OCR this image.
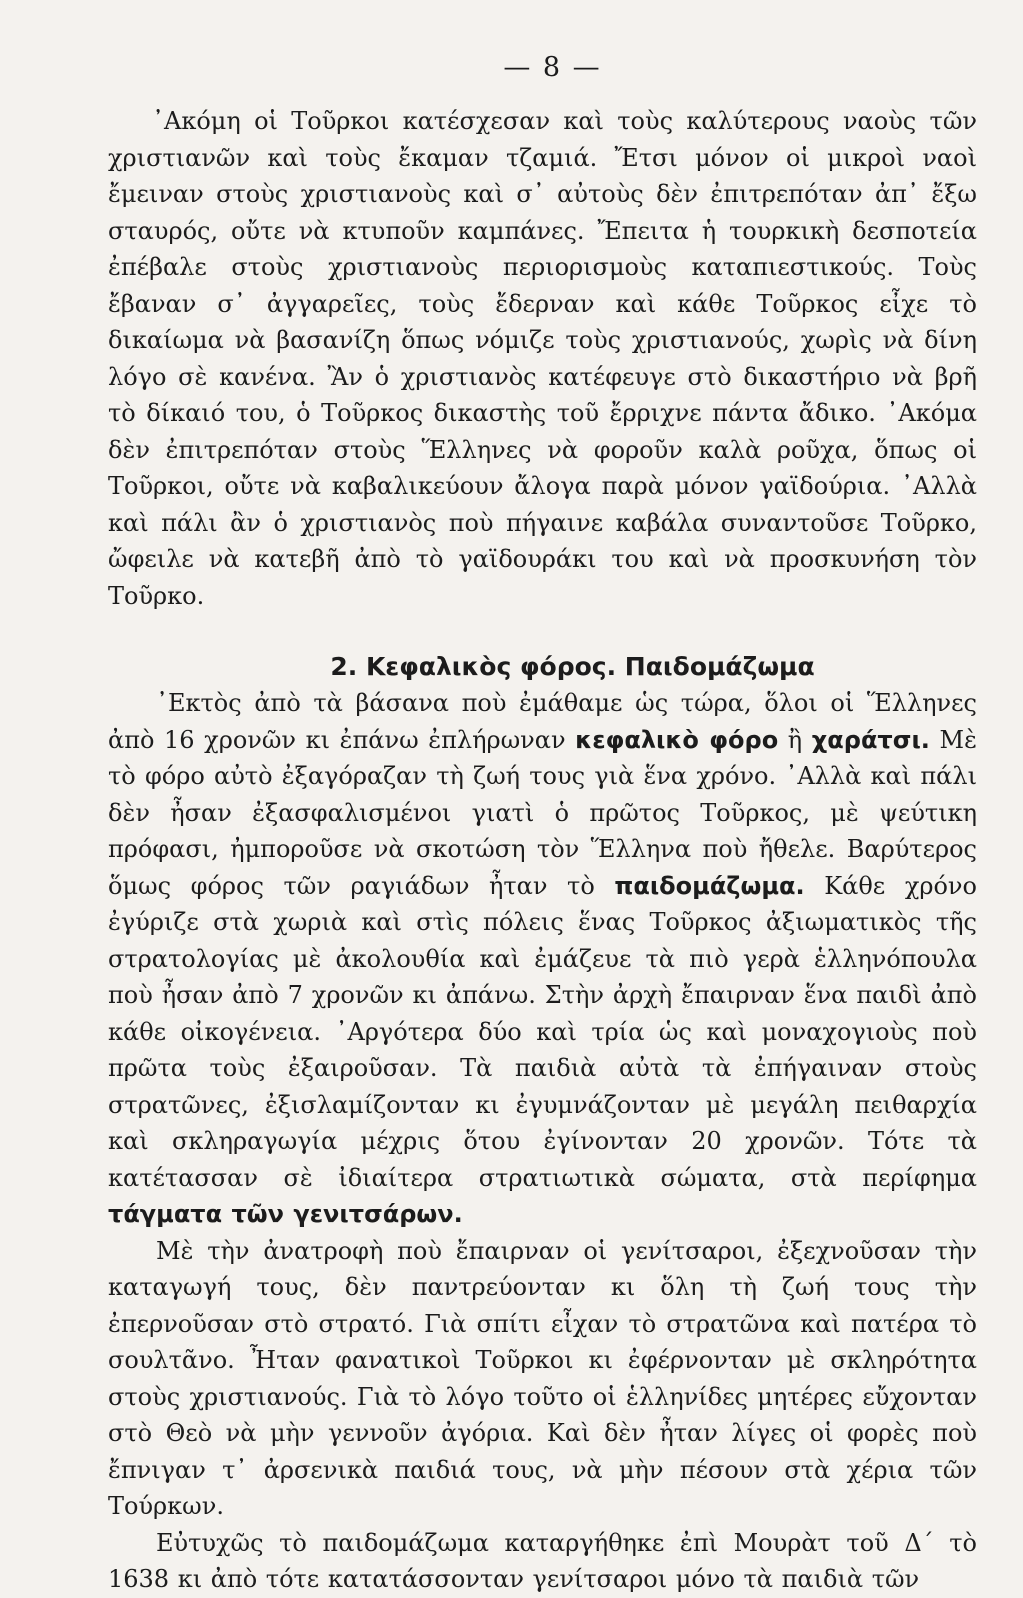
— 8 —

᾿Ακόμη οἱ Τοῦρκοι κατέσχεσαν καὶ τοὺς καλύτερους ναοὺς τῶν χριστιανῶν καὶ τοὺς ἔκαμαν τζαμιά. Ἔτσι μόνον οἱ μικροὶ ναοὶ ἔμειναν στοὺς χριστιανοὺς καὶ σ᾿ αὐτοὺς δὲν ἐπιτρεπόταν ἀπ᾿ ἔξω σταυρός, οὔτε νὰ κτυποῦν καμπάνες. Ἔπειτα ἡ τουρκικὴ δεσποτεία ἐπέβαλε στοὺς χριστιανοὺς περιορισμοὺς καταπιεστικούς. Τοὺς ἔβαναν σ᾿ ἀγγαρεῖες, τοὺς ἔδερναν καὶ κάθε Τοῦρκος εἶχε τὸ δικαίωμα νὰ βασανίζη ὅπως νόμιζε τοὺς χριστιανούς, χωρὶς νὰ δίνη λόγο σὲ κανένα. Ἂν ὁ χριστιανὸς κατέφευγε στὸ δικαστήριο νὰ βρῆ τὸ δίκαιό του, ὁ Τοῦρκος δικαστὴς τοῦ ἔρριχνε πάντα ἄδικο. ᾿Ακόμα δὲν ἐπιτρεπόταν στοὺς Ἕλληνες νὰ φοροῦν καλὰ ροῦχα, ὅπως οἱ Τοῦρκοι, οὔτε νὰ καβαλικεύουν ἄλογα παρὰ μόνον γαϊδούρια. ᾿Αλλὰ καὶ πάλι ἂν ὁ χριστιανὸς ποὺ πήγαινε καβάλα συναντοῦσε Τοῦρκο, ὤφειλε νὰ κατεβῆ ἀπὸ τὸ γαϊδουράκι του καὶ νὰ προσκυνήση τὸν Τοῦρκο.

2. Κεφαλικὸς φόρος. Παιδομάζωμα

᾿Εκτὸς ἀπὸ τὰ βάσανα ποὺ ἐμάθαμε ὡς τώρα, ὅλοι οἱ Ἕλληνες ἀπὸ 16 χρονῶν κι ἐπάνω ἐπλήρωναν κεφαλικὸ φόρο ἢ χαράτσι. Μὲ τὸ φόρο αὐτὸ ἐξαγόραζαν τὴ ζωή τους γιὰ ἕνα χρόνο. ᾿Αλλὰ καὶ πάλι δὲν ἦσαν ἐξασφαλισμένοι γιατὶ ὁ πρῶτος Τοῦρκος, μὲ ψεύτικη πρόφασι, ἠμποροῦσε νὰ σκοτώση τὸν Ἕλληνα ποὺ ἤθελε. Βαρύτερος ὅμως φόρος τῶν ραγιάδων ἦταν τὸ παιδομάζωμα. Κάθε χρόνο ἐγύριζε στὰ χωριὰ καὶ στὶς πόλεις ἕνας Τοῦρκος ἀξιωματικὸς τῆς στρατολογίας μὲ ἀκολουθία καὶ ἐμάζευε τὰ πιὸ γερὰ ἑλληνόπουλα ποὺ ἦσαν ἀπὸ 7 χρονῶν κι ἀπάνω. Στὴν ἀρχὴ ἔπαιρναν ἕνα παιδὶ ἀπὸ κάθε οἰκογένεια. ᾿Αργότερα δύο καὶ τρία ὡς καὶ μοναχογιοὺς ποὺ πρῶτα τοὺς ἐξαιροῦσαν. Τὰ παιδιὰ αὐτὰ τὰ ἐπήγαιναν στοὺς στρατῶνες, ἐξισλαμίζονταν κι ἐγυμνάζονταν μὲ μεγάλη πειθαρχία καὶ σκληραγωγία μέχρις ὅτου ἐγίνονταν 20 χρονῶν. Τότε τὰ κατέτασσαν σὲ ἰδιαίτερα στρατιωτικὰ σώματα, στὰ περίφημα τάγματα τῶν γενιτσάρων.

Μὲ τὴν ἀνατροφὴ ποὺ ἔπαιρναν οἱ γενίτσαροι, ἐξεχνοῦσαν τὴν καταγωγή τους, δὲν παντρεύονταν κι ὅλη τὴ ζωή τους τὴν ἐπερνοῦσαν στὸ στρατό. Γιὰ σπίτι εἶχαν τὸ στρατῶνα καὶ πατέρα τὸ σουλτᾶνο. Ἦταν φανατικοὶ Τοῦρκοι κι ἐφέρνονταν μὲ σκληρότητα στοὺς χριστιανούς. Γιὰ τὸ λόγο τοῦτο οἱ ἑλληνίδες μητέρες εὔχονταν στὸ Θεὸ νὰ μὴν γεννοῦν ἀγόρια. Καὶ δὲν ἦταν λίγες οἱ φορὲς ποὺ ἔπνιγαν τ᾿ ἀρσενικὰ παιδιά τους, νὰ μὴν πέσουν στὰ χέρια τῶν Τούρκων.

Εὐτυχῶς τὸ παιδομάζωμα καταργήθηκε ἐπὶ Μουρὰτ τοῦ Δ΄ τὸ 1638 κι ἀπὸ τότε κατατάσσονταν γενίτσαροι μόνο τὰ παιδιὰ τῶν
